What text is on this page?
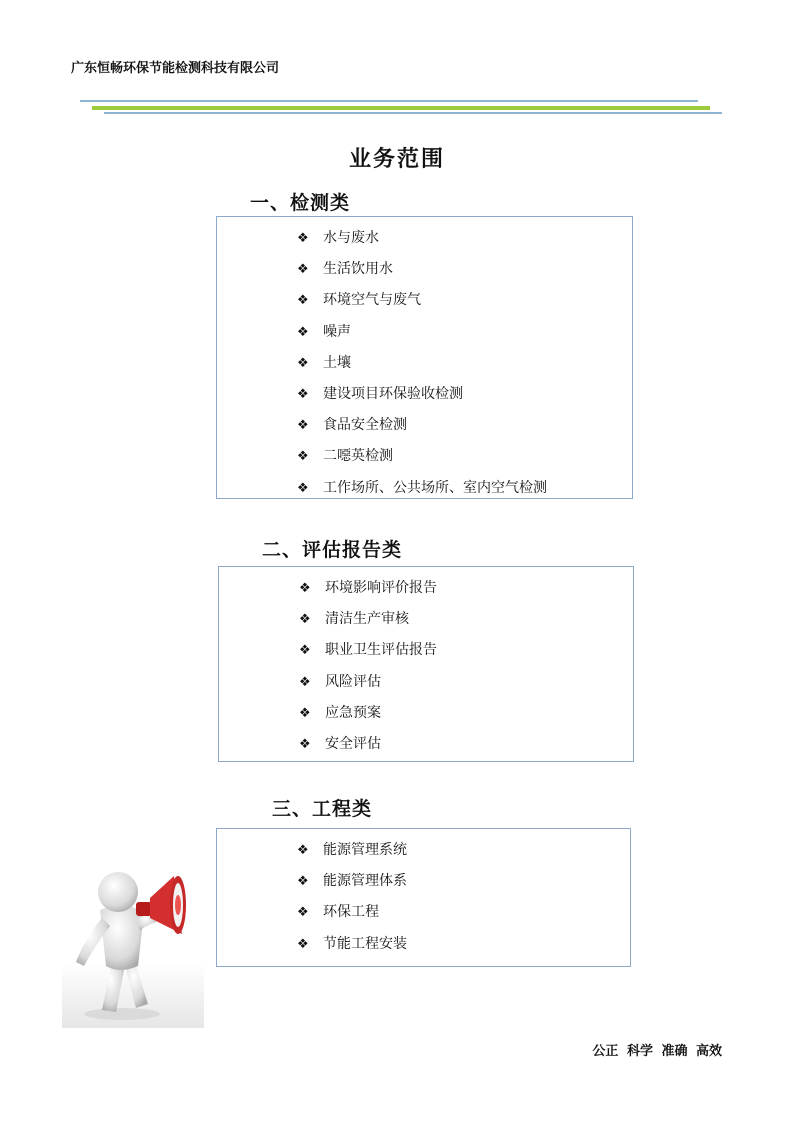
广东恒畅环保节能检测科技有限公司
业务范围
一、检测类
❖	水与废水
❖	生活饮用水
❖	环境空气与废气
❖	噪声
❖	土壤
❖	建设项目环保验收检测
❖	食品安全检测
❖	二噁英检测
❖	工作场所、公共场所、室内空气检测
二、评估报告类
❖	环境影响评价报告
❖	清洁生产审核
❖	职业卫生评估报告
❖	风险评估
❖	应急预案
❖	安全评估
三、工程类
❖	能源管理系统
❖	能源管理体系
❖	环保工程
❖	节能工程安装
公正 科学 准确 高效
